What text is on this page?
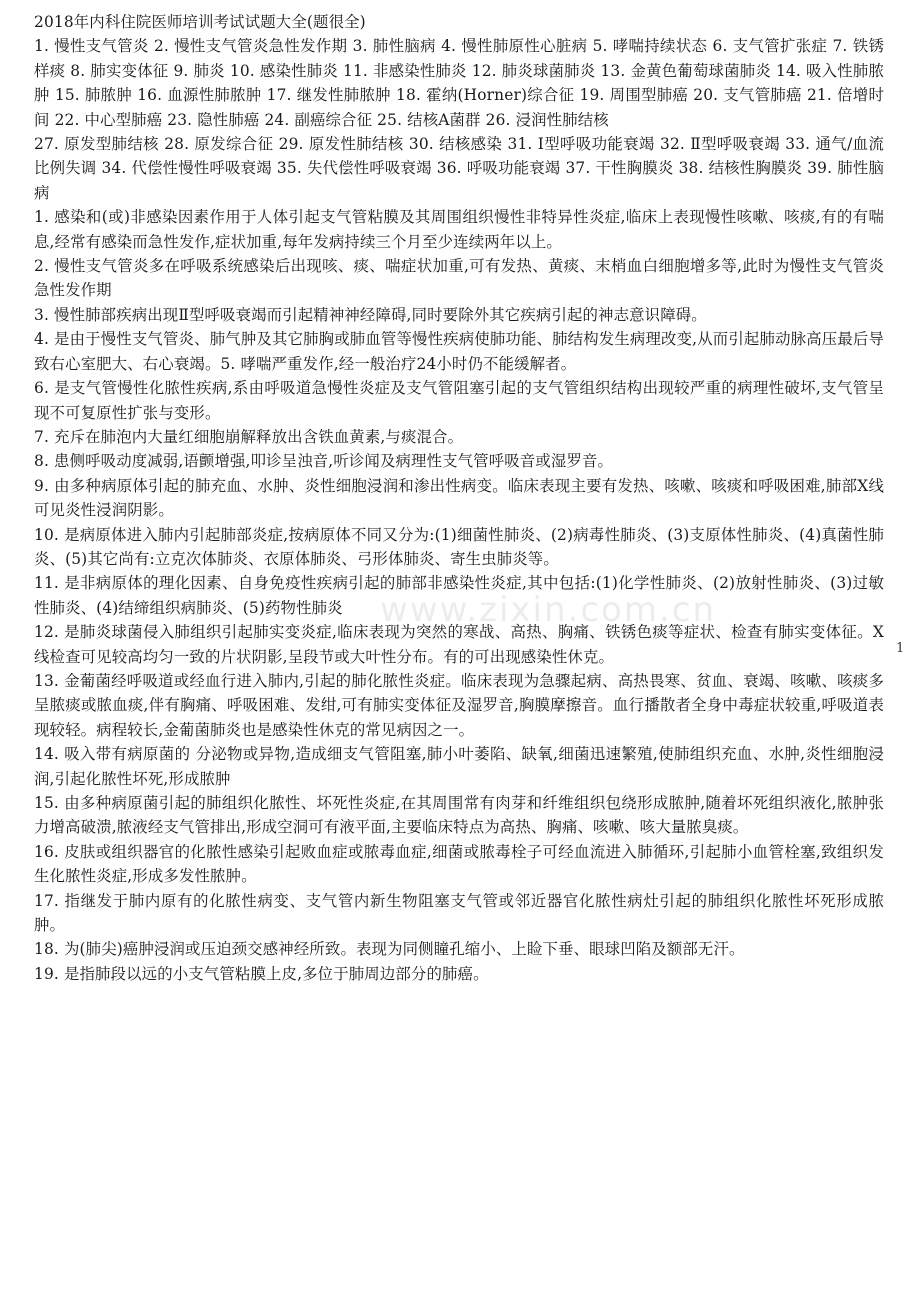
www.zixin.com.cn

2018年内科住院医师培训考试试题大全(题很全)

1. 慢性支气管炎 2. 慢性支气管炎急性发作期 3. 肺性脑病 4. 慢性肺原性心脏病 5. 哮喘持续状态 6. 支气管扩张症 7. 铁锈样痰 8. 肺实变体征 9. 肺炎 10. 感染性肺炎 11. 非感染性肺炎 12. 肺炎球菌肺炎 13. 金黄色葡萄球菌肺炎 14. 吸入性肺脓肿 15. 肺脓肿 16. 血源性肺脓肿 17. 继发性肺脓肿 18. 霍纳(Horner)综合征 19. 周围型肺癌 20. 支气管肺癌 21. 倍增时间 22. 中心型肺癌 23. 隐性肺癌 24. 副癌综合征 25. 结核A菌群 26. 浸润性肺结核

27. 原发型肺结核 28. 原发综合征 29. 原发性肺结核 30. 结核感染 31. Ⅰ型呼吸功能衰竭 32. Ⅱ型呼吸衰竭 33. 通气/血流比例失调 34. 代偿性慢性呼吸衰竭 35. 失代偿性呼吸衰竭 36. 呼吸功能衰竭 37. 干性胸膜炎 38. 结核性胸膜炎 39. 肺性脑病

1. 感染和(或)非感染因素作用于人体引起支气管粘膜及其周围组织慢性非特异性炎症,临床上表现慢性咳嗽、咳痰,有的有喘息,经常有感染而急性发作,症状加重,每年发病持续三个月至少连续两年以上。

2. 慢性支气管炎多在呼吸系统感染后出现咳、痰、喘症状加重,可有发热、黄痰、末梢血白细胞增多等,此时为慢性支气管炎急性发作期

3. 慢性肺部疾病出现Ⅱ型呼吸衰竭而引起精神神经障碍,同时要除外其它疾病引起的神志意识障碍。

4. 是由于慢性支气管炎、肺气肿及其它肺胸或肺血管等慢性疾病使肺功能、肺结构发生病理改变,从而引起肺动脉高压最后导致右心室肥大、右心衰竭。5. 哮喘严重发作,经一般治疗24小时仍不能缓解者。

6. 是支气管慢性化脓性疾病,系由呼吸道急慢性炎症及支气管阻塞引起的支气管组织结构出现较严重的病理性破坏,支气管呈现不可复原性扩张与变形。

7. 充斥在肺泡内大量红细胞崩解释放出含铁血黄素,与痰混合。

8. 患侧呼吸动度减弱,语颤增强,叩诊呈浊音,听诊闻及病理性支气管呼吸音或湿罗音。

9. 由多种病原体引起的肺充血、水肿、炎性细胞浸润和渗出性病变。临床表现主要有发热、咳嗽、咳痰和呼吸困难,肺部X线可见炎性浸润阴影。

10. 是病原体进入肺内引起肺部炎症,按病原体不同又分为:(1)细菌性肺炎、(2)病毒性肺炎、(3)支原体性肺炎、(4)真菌性肺炎、(5)其它尚有:立克次体肺炎、衣原体肺炎、弓形体肺炎、寄生虫肺炎等。

11. 是非病原体的理化因素、自身免疫性疾病引起的肺部非感染性炎症,其中包括:(1)化学性肺炎、(2)放射性肺炎、(3)过敏性肺炎、(4)结缔组织病肺炎、(5)药物性肺炎

12. 是肺炎球菌侵入肺组织引起肺实变炎症,临床表现为突然的寒战、高热、胸痛、铁锈色痰等症状、检查有肺实变体征。X线检查可见较高均匀一致的片状阴影,呈段节或大叶性分布。有的可出现感染性休克。

13. 金葡菌经呼吸道或经血行进入肺内,引起的肺化脓性炎症。临床表现为急骤起病、高热畏寒、贫血、衰竭、咳嗽、咳痰多呈脓痰或脓血痰,伴有胸痛、呼吸困难、发绀,可有肺实变体征及湿罗音,胸膜摩擦音。血行播散者全身中毒症状较重,呼吸道表现较轻。病程较长,金葡菌肺炎也是感染性休克的常见病因之一。

14. 吸入带有病原菌的 分泌物或异物,造成细支气管阻塞,肺小叶萎陷、缺氧,细菌迅速繁殖,使肺组织充血、水肿,炎性细胞浸润,引起化脓性坏死,形成脓肿

15. 由多种病原菌引起的肺组织化脓性、坏死性炎症,在其周围常有肉芽和纤维组织包绕形成脓肿,随着坏死组织液化,脓肿张力增高破溃,脓液经支气管排出,形成空洞可有液平面,主要临床特点为高热、胸痛、咳嗽、咳大量脓臭痰。

16. 皮肤或组织器官的化脓性感染引起败血症或脓毒血症,细菌或脓毒栓子可经血流进入肺循环,引起肺小血管栓塞,致组织发生化脓性炎症,形成多发性脓肿。

17. 指继发于肺内原有的化脓性病变、支气管内新生物阻塞支气管或邻近器官化脓性病灶引起的肺组织化脓性坏死形成脓肿。

18. 为(肺尖)癌肿浸润或压迫颈交感神经所致。表现为同侧瞳孔缩小、上睑下垂、眼球凹陷及额部无汗。

19. 是指肺段以远的小支气管粘膜上皮,多位于肺周边部分的肺癌。

1
